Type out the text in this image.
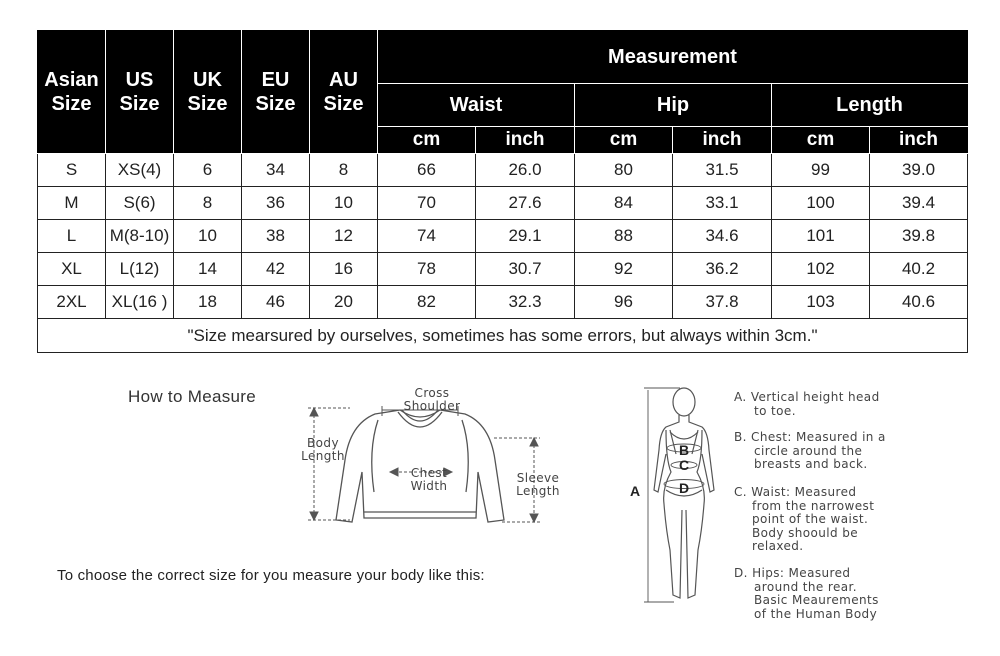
Asian
Size	US
Size	UK
Size	EU
Size	AU
Size	Measurement					
					Waist		Hip		Length	
					cm	inch	cm	inch	cm	inch
S	XS(4)	6	34	8	66	26.0	80	31.5	99	39.0
M	S(6)	8	36	10	70	27.6	84	33.1	100	39.4
L	M(8-10)	10	38	12	74	29.1	88	34.6	101	39.8
XL	L(12)	14	42	16	78	30.7	92	36.2	102	40.2
2XL	XL(16 )	18	46	20	82	32.3	96	37.8	103	40.6
"Size mearsured by ourselves, sometimes has some errors, but always within 3cm."										
How to Measure	Cross
Shoulder
Body
Length
Chest
Width
Sleeve
Length
To choose the correct size for you measure your body like this:
A
B
C
D
A. Vertical height head
to toe.
B. Chest: Measured in a
circle around the
breasts and back.
C. Waist: Measured
from the narrowest
point of the waist.
Body shoould be
relaxed.
D. Hips: Measured
around the rear.
Basic Meaurements
of the Human Body
